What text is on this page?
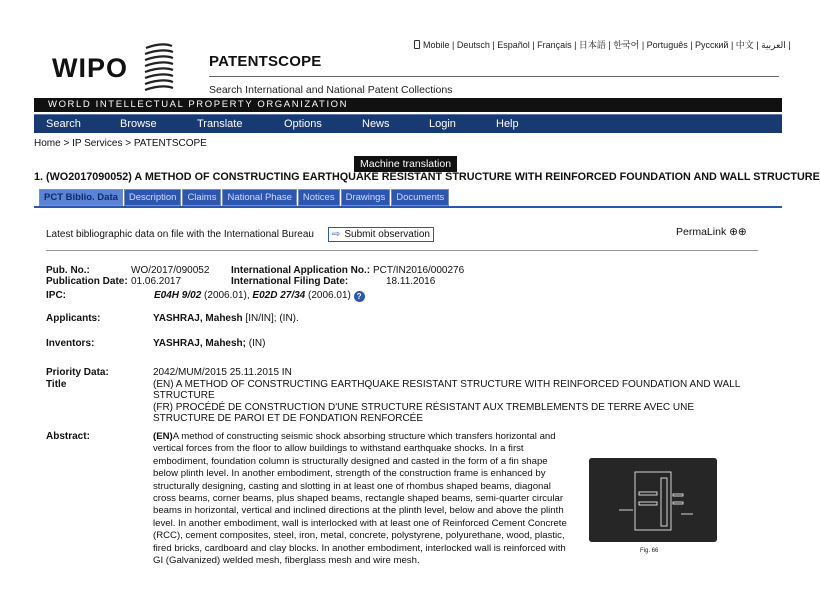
Mobile | Deutsch | Español | Français | 日本語 | 한국어 | Português | Русский | 中文 | العربية |
WIPO	PATENTSCOPE
Search International and National Patent Collections
WORLD INTELLECTUAL PROPERTY ORGANIZATION
Search	Browse	Translate	Options	News	Login	Help
Home > IP Services > PATENTSCOPE
Machine translation
1. (WO2017090052) A METHOD OF CONSTRUCTING EARTHQUAKE RESISTANT STRUCTURE WITH REINFORCED FOUNDATION AND WALL STRUCTURE
PCT Biblio. Data	Description	Claims	National Phase	Notices	Drawings	Documents
Latest bibliographic data on file with the International Bureau	⇨ Submit observation	PermaLink ⊕⊕
Pub. No.:	WO/2017/090052 International Application No.: PCT/IN2016/000276
Publication Date: 01.06.2017	International Filing Date:	18.11.2016
IPC:	E04H 9/02 (2006.01), E02D 27/34 (2006.01) ?
Applicants:	YASHRAJ, Mahesh [IN/IN]; (IN).
Inventors:	YASHRAJ, Mahesh; (IN)
Priority Data:	2042/MUM/2015 25.11.2015 IN
Title	(EN) A METHOD OF CONSTRUCTING EARTHQUAKE RESISTANT STRUCTURE WITH REINFORCED FOUNDATION AND WALL
STRUCTURE
(FR) PROCÉDÉ DE CONSTRUCTION D'UNE STRUCTURE RÉSISTANT AUX TREMBLEMENTS DE TERRE AVEC UNE
STRUCTURE DE PAROI ET DE FONDATION RENFORCÉE
Abstract:	(EN)A method of constructing seismic shock absorbing structure which transfers horizontal and vertical forces from the floor to allow buildings to withstand earthquake shocks. In a first embodiment, foundation column is structurally designed and casted in the form of a fin shape below plinth level. In another embodiment, strength of the construction frame is enhanced by structurally designing, casting and slotting in at least one of rhombus shaped beams, diagonal cross beams, corner beams, plus shaped beams, rectangle shaped beams, semi-quarter circular beams in horizontal, vertical and inclined directions at the plinth level, below and above the plinth level. In another embodiment, wall is interlocked with at least one of Reinforced Cement Concrete (RCC), cement composites, steel, iron, metal, concrete, polystyrene, polyurethane, wood, plastic, fired bricks, cardboard and clay blocks. In another embodiment, interlocked wall is reinforced with GI (Galvanized) welded mesh, fiberglass mesh and wire mesh.
Fig. 66
